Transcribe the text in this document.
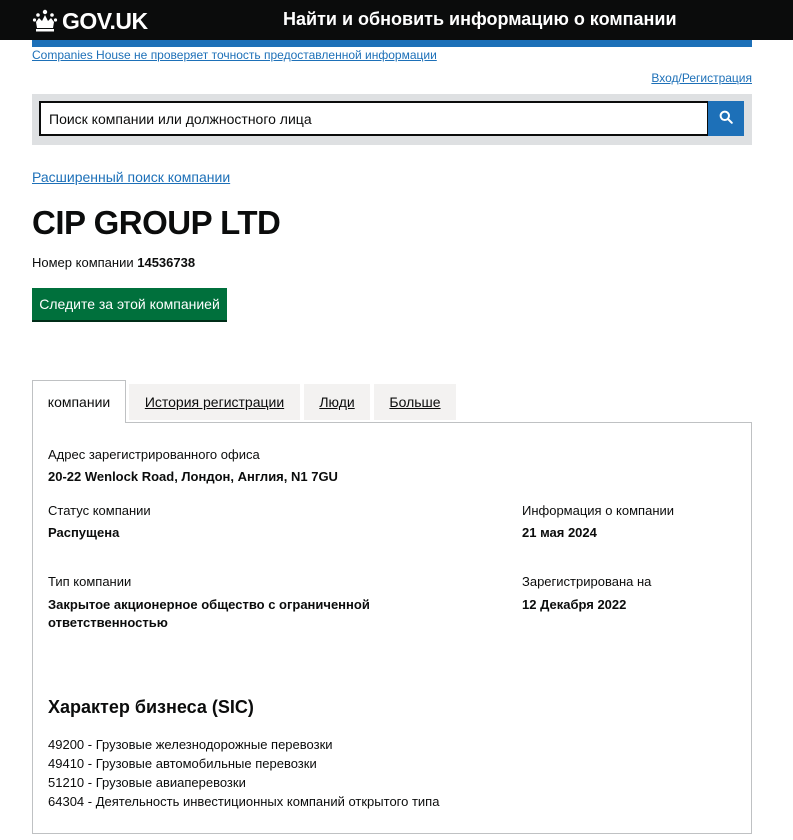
GOV.UK	Найти и обновить информацию о компании
Companies House не проверяет точность предоставленной информации
Вход/Регистрация
Поиск компании или должностного лица
Расширенный поиск компании
CIP GROUP LTD

Номер компании 14536738

Следите за этой компанией
компании	История регистрации	Люди	Больше
Адрес зарегистрированного офиса
20-22 Wenlock Road, Лондон, Англия, N1 7GU
Статус компании
Распущена
Информация о компании
21 мая 2024
Тип компании
Закрытое акционерное общество с ограниченной ответственностью
Зарегистрирована на
12 Декабря 2022
Характер бизнеса (SIC)
49200 - Грузовые железнодорожные перевозки
49410 - Грузовые автомобильные перевозки
51210 - Грузовые авиаперевозки
64304 - Деятельность инвестиционных компаний открытого типа
